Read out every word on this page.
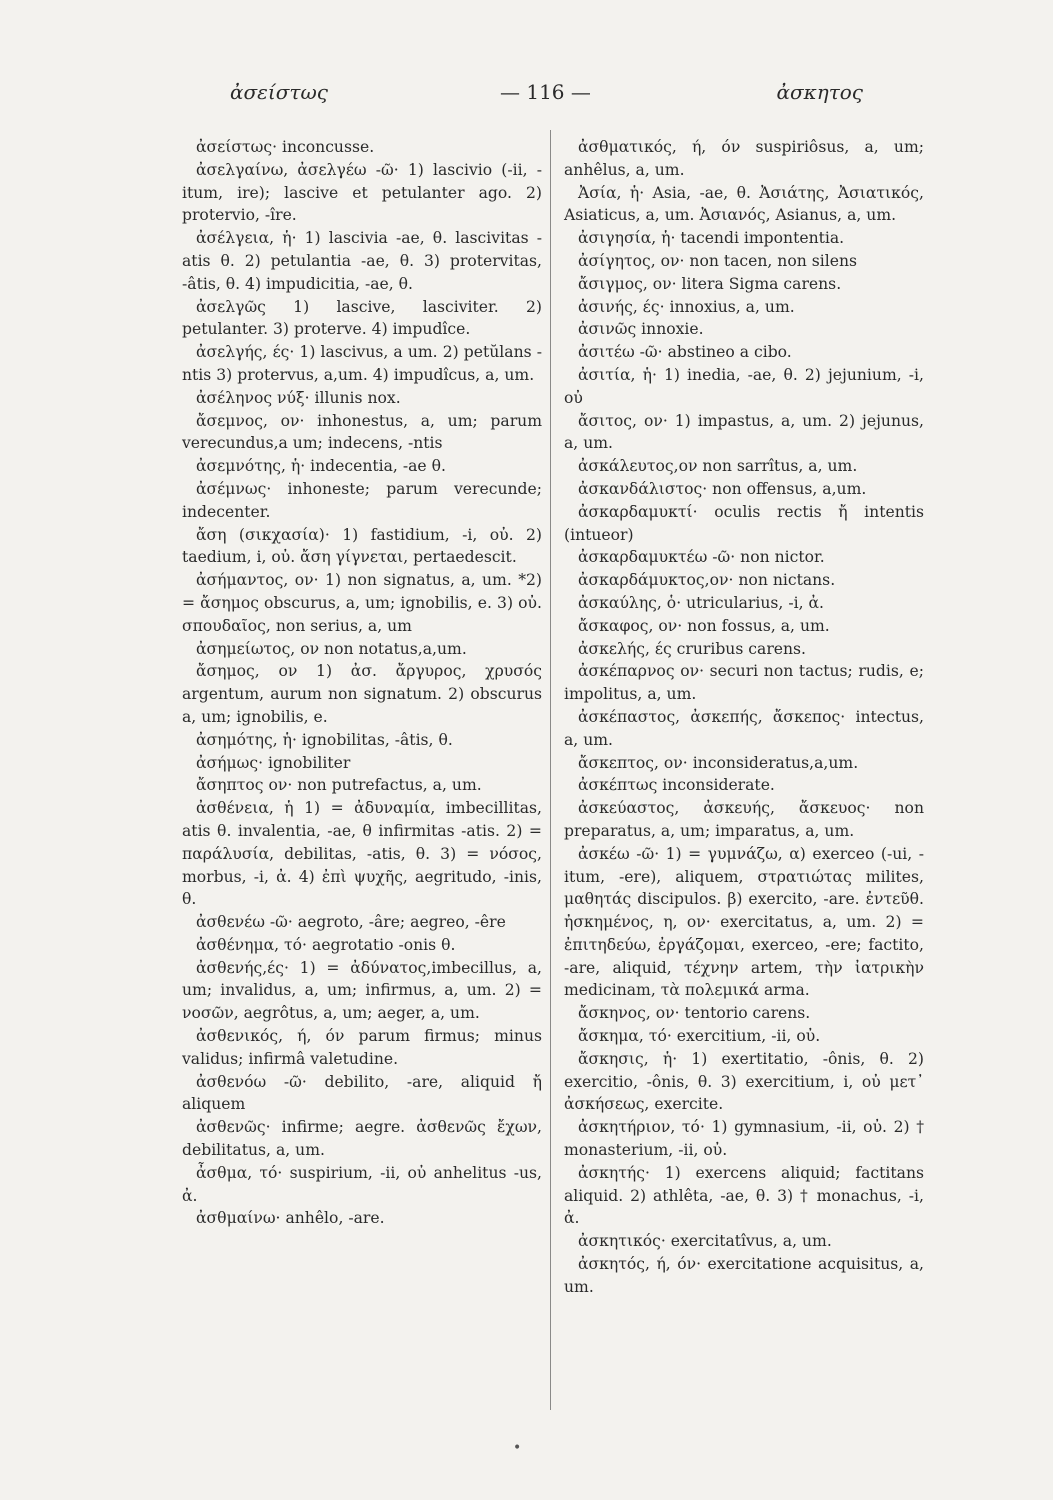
ἀσείστως	— 116 —	ἀσκητος
ἀσείστως· inconcusse.
ἀσελγαίνω, ἀσελγέω -ῶ· 1) lascivio (-ii, -itum, ire); lascive et petulanter ago. 2) protervio, -îre.
ἀσέλγεια, ἡ· 1) lascivia -ae, θ. lascivitas -atis θ. 2) petulantia -ae, θ. 3) protervitas, -âtis, θ. 4) impudicitia, -ae, θ.
ἀσελγῶς 1) lascive, lasciviter. 2) petulanter. 3) proterve. 4) impudîce.
ἀσελγής, ές· 1) lascivus, a um. 2) petŭlans -ntis 3) protervus, a,um. 4) impudîcus, a, um.
ἀσέληνος νύξ· illunis nox.
ἄσεμνος, ον· inhonestus, a, um; parum verecundus,a um; indecens, -ntis
ἀσεμνότης, ἡ· indecentia, -ae θ.
ἀσέμνως· inhoneste; parum verecunde; indecenter.
ἄση (σικχασία)· 1) fastidium, -i, οὐ. 2) taedium, i, οὐ. ἄση γίγνεται, pertaedescit.
ἀσήμαντος, ον· 1) non signatus, a, um. *2) = ἄσημος obscurus, a, um; ignobilis, e. 3) οὐ. σπουδαῖος, non serius, a, um
ἀσημείωτος, ον non notatus,a,um.
ἄσημος, ον 1) ἀσ. ἄργυρος, χρυσός argentum, aurum non signatum. 2) obscurus a, um; ignobilis, e.
ἀσημότης, ἡ· ignobilitas, -âtis, θ.
ἀσήμως· ignobiliter
ἄσηπτος ον· non putrefactus, a, um.
ἀσθένεια, ἡ 1) = ἀδυναμία, imbecillitas, atis θ. invalentia, -ae, θ infirmitas -atis. 2) = παράλυσία, debilitas, -atis, θ. 3) = νόσος, morbus, -i, ἀ. 4) ἐπὶ ψυχῆς, aegritudo, -inis, θ.
ἀσθενέω -ῶ· aegroto, -âre; aegreo, -êre
ἀσθένημα, τό· aegrotatio -onis θ.
ἀσθενής,ές· 1) = ἀδύνατος,imbecillus, a, um; invalidus, a, um; infirmus, a, um. 2) = νοσῶν, aegrôtus, a, um; aeger, a, um.
ἀσθενικός, ή, όν parum firmus; minus validus; infirmâ valetudine.
ἀσθενόω -ῶ· debilito, -are, aliquid ἤ aliquem
ἀσθενῶς· infirme; aegre. ἀσθενῶς ἔχων, debilitatus, a, um.
ἆσθμα, τό· suspirium, -ii, οὐ anhelitus -us, ἀ.
ἀσθμαίνω· anhêlo, -are.
ἀσθματικός, ή, όν suspiriôsus, a, um; anhêlus, a, um.
Ἀσία, ἡ· Asia, -ae, θ. Ἀσιάτης, Ἀσιατικός, Asiaticus, a, um. Ἀσιανός, Asianus, a, um.
ἀσιγησία, ἡ· tacendi impontentia.
ἀσίγητος, ον· non tacen, non silens
ἄσιγμος, ον· litera Sigma carens.
ἀσινής, ές· innoxius, a, um.
ἀσινῶς innoxie.
ἀσιτέω -ῶ· abstineo a cibo.
ἀσιτία, ἡ· 1) inedia, -ae, θ. 2) jejunium, -i, οὐ
ἄσιτος, ον· 1) impastus, a, um. 2) jejunus, a, um.
ἀσκάλευτος,ον non sarrîtus, a, um.
ἀσκανδάλιστος· non offensus, a,um.
ἀσκαρδαμυκτί· oculis rectis ἤ intentis (intueor)
ἀσκαρδαμυκτέω -ῶ· non nictor.
ἀσκαρδάμυκτος,ον· non nictans.
ἀσκαύλης, ὁ· utricularius, -i, ἀ.
ἄσκαφος, ον· non fossus, a, um.
ἀσκελής, ές cruribus carens.
ἀσκέπαρνος ον· securi non tactus; rudis, e; impolitus, a, um.
ἀσκέπαστος, ἀσκεπής, ἄσκεπος· intectus, a, um.
ἄσκεπτος, ον· inconsideratus,a,um.
ἀσκέπτως inconsiderate.
ἀσκεύαστος, ἀσκευής, ἄσκευος· non preparatus, a, um; imparatus, a, um.
ἀσκέω -ῶ· 1) = γυμνάζω, α) exerceo (-ui, -itum, -ere), aliquem, στρατιώτας milites, μαθητάς discipulos. β) exercito, -are. ἐντεῦθ. ἠσκημένος, η, ον· exercitatus, a, um. 2) = ἐπιτηδεύω, ἐργάζομαι, exerceo, -ere; factito, -are, aliquid, τέχνην artem, τὴν ἰατρικὴν medicinam, τὰ πολεμικά arma.
ἄσκηνος, ον· tentorio carens.
ἄσκημα, τό· exercitium, -ii, οὐ.
ἄσκησις, ἡ· 1) exertitatio, -ônis, θ. 2) exercitio, -ônis, θ. 3) exercitium, i, οὐ μετ᾽ ἀσκήσεως, exercite.
ἀσκητήριον, τό· 1) gymnasium, -ii, οὐ. 2) † monasterium, -ii, οὐ.
ἀσκητής· 1) exercens aliquid; factitans aliquid. 2) athlêta, -ae, θ. 3) † monachus, -i, ἀ.
ἀσκητικός· exercitatîvus, a, um.
ἀσκητός, ή, όν· exercitatione acquisitus, a, um.
•
